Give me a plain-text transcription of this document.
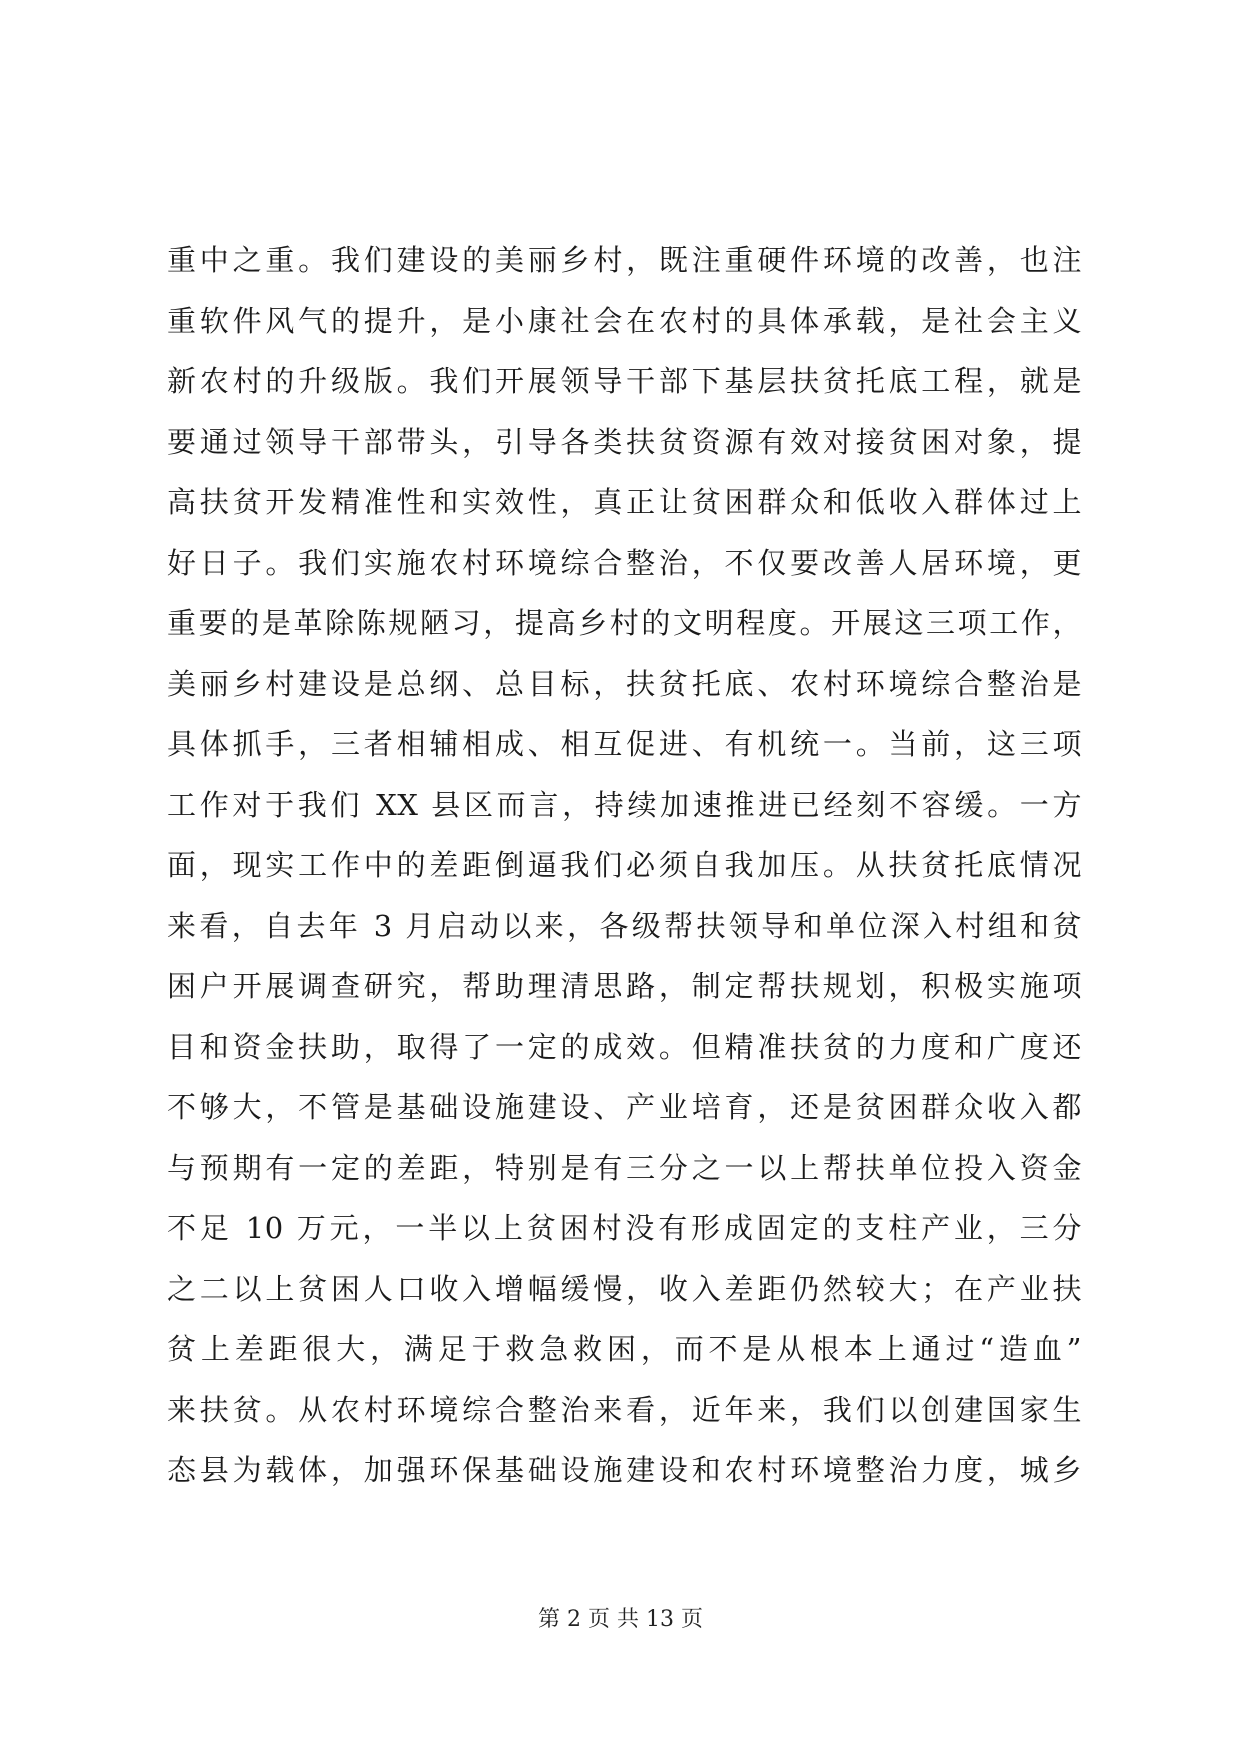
重中之重。我们建设的美丽乡村，既注重硬件环境的改善，也注
重软件风气的提升，是小康社会在农村的具体承载，是社会主义
新农村的升级版。我们开展领导干部下基层扶贫托底工程，就是
要通过领导干部带头，引导各类扶贫资源有效对接贫困对象，提
高扶贫开发精准性和实效性，真正让贫困群众和低收入群体过上
好日子。我们实施农村环境综合整治，不仅要改善人居环境，更
重要的是革除陈规陋习，提高乡村的文明程度。开展这三项工作，
美丽乡村建设是总纲、总目标，扶贫托底、农村环境综合整治是
具体抓手，三者相辅相成、相互促进、有机统一。当前，这三项
工作对于我们 XX 县区而言，持续加速推进已经刻不容缓。一方
面，现实工作中的差距倒逼我们必须自我加压。从扶贫托底情况
来看，自去年 3 月启动以来，各级帮扶领导和单位深入村组和贫
困户开展调查研究，帮助理清思路，制定帮扶规划，积极实施项
目和资金扶助，取得了一定的成效。但精准扶贫的力度和广度还
不够大，不管是基础设施建设、产业培育，还是贫困群众收入都
与预期有一定的差距，特别是有三分之一以上帮扶单位投入资金
不足 10 万元，一半以上贫困村没有形成固定的支柱产业，三分
之二以上贫困人口收入增幅缓慢，收入差距仍然较大；在产业扶
贫上差距很大，满足于救急救困，而不是从根本上通过“造血”
来扶贫。从农村环境综合整治来看，近年来，我们以创建国家生
态县为载体，加强环保基础设施建设和农村环境整治力度，城乡
第 2 页 共 13 页
